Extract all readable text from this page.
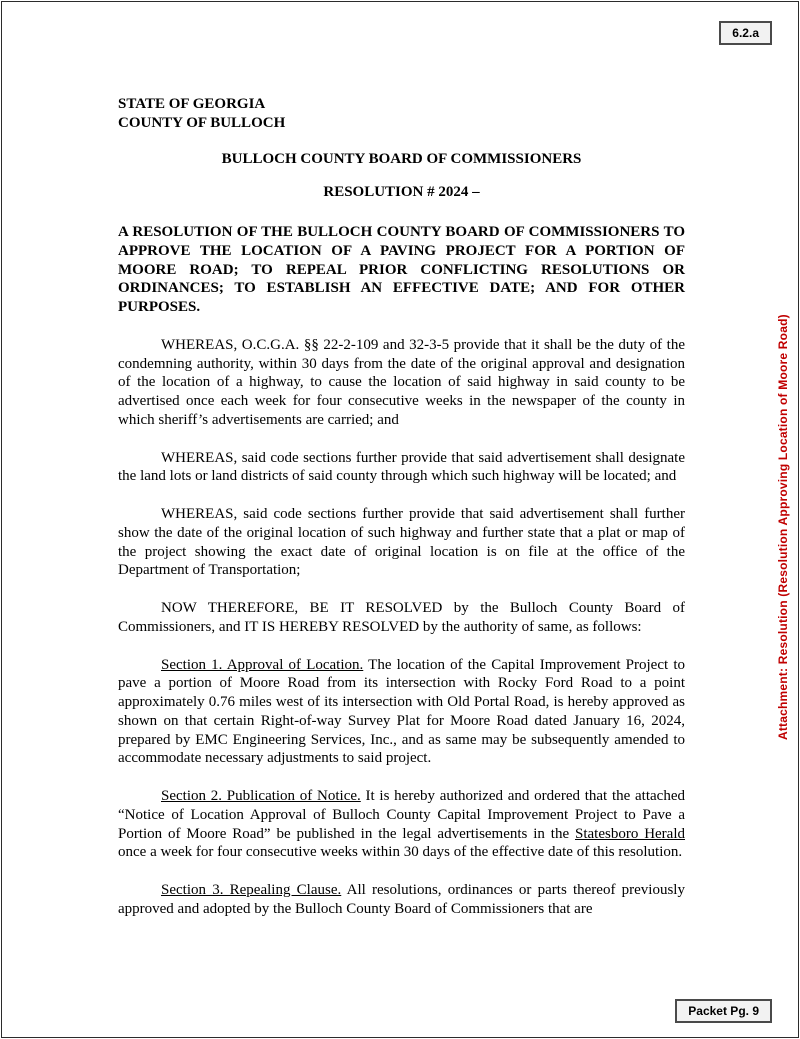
6.2.a
Attachment: Resolution (Resolution Approving Location of Moore Road)
STATE OF GEORGIA
COUNTY OF BULLOCH
BULLOCH COUNTY BOARD OF COMMISSIONERS
RESOLUTION # 2024 –

A RESOLUTION OF THE BULLOCH COUNTY BOARD OF COMMISSIONERS TO APPROVE THE LOCATION OF A PAVING PROJECT FOR A PORTION OF MOORE ROAD; TO REPEAL PRIOR CONFLICTING RESOLUTIONS OR ORDINANCES; TO ESTABLISH AN EFFECTIVE DATE; AND FOR OTHER PURPOSES.

WHEREAS, O.C.G.A. §§ 22-2-109 and 32-3-5 provide that it shall be the duty of the condemning authority, within 30 days from the date of the original approval and designation of the location of a highway, to cause the location of said highway in said county to be advertised once each week for four consecutive weeks in the newspaper of the county in which sheriff’s advertisements are carried; and

WHEREAS, said code sections further provide that said advertisement shall designate the land lots or land districts of said county through which such highway will be located; and

WHEREAS, said code sections further provide that said advertisement shall further show the date of the original location of such highway and further state that a plat or map of the project showing the exact date of original location is on file at the office of the Department of Transportation;

NOW THEREFORE, BE IT RESOLVED by the Bulloch County Board of Commissioners, and IT IS HEREBY RESOLVED by the authority of same, as follows:

Section 1. Approval of Location. The location of the Capital Improvement Project to pave a portion of Moore Road from its intersection with Rocky Ford Road to a point approximately 0.76 miles west of its intersection with Old Portal Road, is hereby approved as shown on that certain Right-of-way Survey Plat for Moore Road dated January 16, 2024, prepared by EMC Engineering Services, Inc., and as same may be subsequently amended to accommodate necessary adjustments to said project.

Section 2. Publication of Notice. It is hereby authorized and ordered that the attached “Notice of Location Approval of Bulloch County Capital Improvement Project to Pave a Portion of Moore Road” be published in the legal advertisements in the Statesboro Herald once a week for four consecutive weeks within 30 days of the effective date of this resolution.

Section 3. Repealing Clause. All resolutions, ordinances or parts thereof previously approved and adopted by the Bulloch County Board of Commissioners that are

Packet Pg. 9
